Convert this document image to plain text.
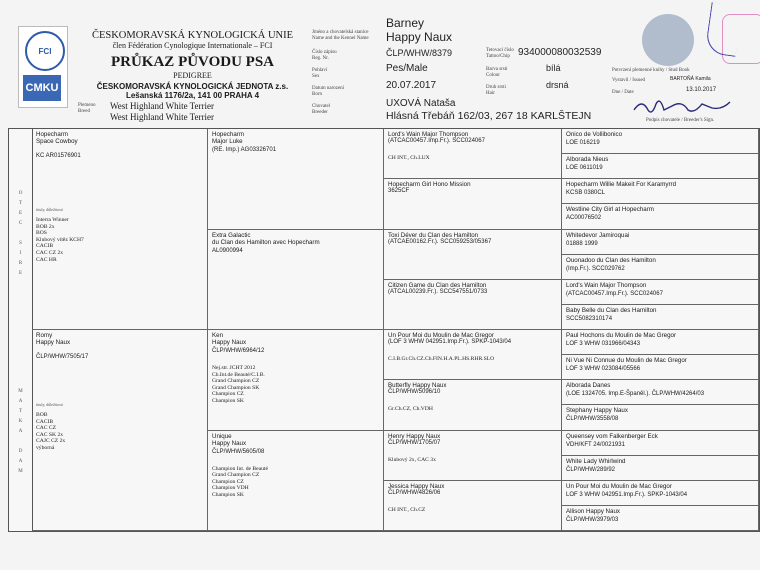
FCI
CMKU
ČESKOMORAVSKÁ KYNOLOGICKÁ UNIE
člen Fédération Cynologique Internationale – FCI
PRŮKAZ PŮVODU PSA
PEDIGREE
ČESKOMORAVSKÁ KYNOLOGICKÁ JEDNOTA z.s.
Lešanská 1176/2a, 141 00 PRAHA 4
Plemeno
Breed
West Highland White Terrier
West Highland White Terrier
Jméno a chovatelská stanice
Name and the Kennel Name
Číslo zápisu
Reg. Nr.
Pohlaví
Sex
Datum narození
Born
Chovatel
Breeder
Barney
Happy Naux
ČLP/WHW/8379
Pes/Male
20.07.2017
UXOVÁ Nataša
Hlásná Třebáň 162/03, 267 18 KARLŠTEJN
Tetovací číslo
Tattoo/Chip
Barva srsti
Colour
Druh srsti
Hair
934000080032539
bílá
drsná
Potvrzení plemenné knihy / Stud Book
Vystavil / Issued
Dne / Date
BARTOŇÁ Kamila
13.10.2017
Podpis chovatele / Breeder's Sign.
O
T
E
C
S
I
R
E
M
A
T
K
A
D
A
M
Hopecharm
Space Cowboy
KC AR01576901
tituly, důležitosti
Interra Winner
BOB 2x
BOS
Klubový vítěz KCH7
CACIB
CAC CZ 2x
CAC HR
Romy
Happy Naux
ČLP/WHW/7505/17
tituly, důležitosti
BOB
CACIB
CAC CZ
CAC SK 2x
CAJC CZ 2x
výborná
Hopecharm
Major Luke
(RE. Imp.) AG03326701
Extra Galactic
du Clan des Hamilton avec Hopecharm
AL0900994
Ken
Happy Naux
ČLP/WHW/6964/12
Nej.str. JCHT 2012
Ch.Int.de Beauté/C.I.B.
Grand Champion CZ
Grand Champion SK
Champion CZ
Champion SK
Unique
Happy Naux
ČLP/WHW/5605/08
Champion Int. de Beauté
Grand Champion CZ
Champion CZ
Champion VDH
Champion SK
Lord's Wain Major Thompson
(ATCAC00457.Imp.Fr.). SCC024067
CH INT., Ch.LUX
Hopecharm Girl Hono Mission
3625CF
Toxi Déver du Clan des Hamilton
(ATCAE00162.Fr.). SCC059253/05367
Citizen Game du Clan des Hamilton
(ATCAL00239.Fr.). SCC547551/0733
Un Pour Moi du Moulin de Mac Gregor
(LOF 3 WHW 042951.Imp.Fr.). SPKP-1043/04
C.I.B.Gr.Ch.CZ.Ch.FIN.H.A.PL.HS.RHR.SLO
Butterfly Happy Naux
ČLP/WHW/5096/10
Gr.Ch.CZ, Ch.VDH
Henry Happy Naux
ČLP/WHW/1705/07
Klubový 2x, CAC 3x
Jessica Happy Naux
ČLP/WHW/4826/06
CH INT., Ch.CZ
Onico de Vollibonico
LOE 016219
Alborada Nieus
LOE 0611019
Hopecharm Willie Makeit For Karamyrrd
KCSB 0380CL
Westline City Girl at Hopecharm
AC00076502
Whitedevor Jamiroquai
01888 1999
Ouonadoo du Clan des Hamilton
(Imp.Fr.). SCC029762
Lord's Wain Major Thompson
(ATCAC00457.Imp.Fr.). SCC024067
Baby Belle du Clan des Hamilton
SCC5082310174
Paul Hochons du Moulin de Mac Gregor
LOF 3 WHW 031966/04343
Ni Vue Ni Connue du Moulin de Mac Gregor
LOF 3 WHW 023084/05566
Alborada Danes
(LOE 1324705. Imp.E-Španěl.). ČLP/WHW/4264/03
Stephany Happy Naux
ČLP/WHW/3558/08
Queensey vom Falkenberger Eck
VDH/KFT 24/0021931
White Lady Whirlwind
ČLP/WHW/289/92
Un Pour Moi du Moulin de Mac Gregor
LOF 3 WHW 042951.Imp.Fr.). SPKP-1043/04
Allison Happy Naux
ČLP/WHW/3979/03
